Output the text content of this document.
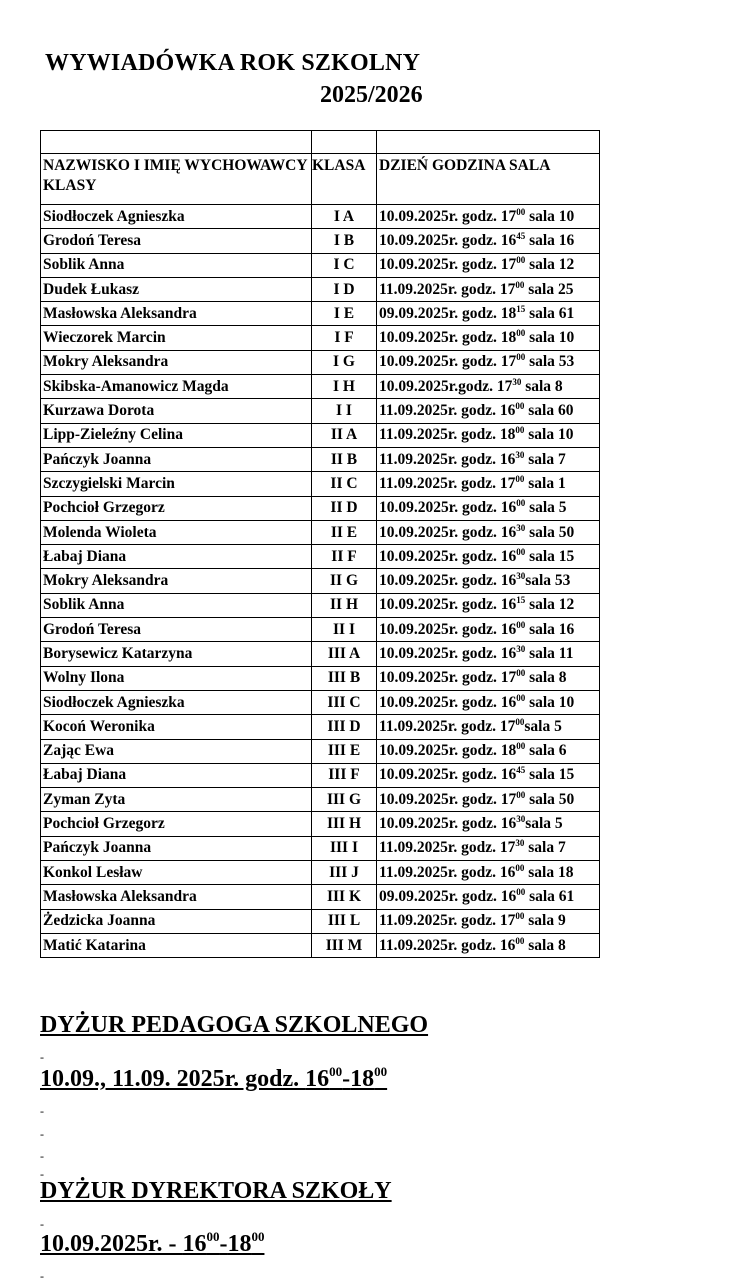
WYWIADÓWKA ROK SZKOLNY
2025/2026

NAZWISKO I IMIĘ WYCHOWAWCY KLASY	KLASA	DZIEŃ GODZINA SALA
Siodłoczek Agnieszka	I A	10.09.2025r. godz. $17^{00}$ sala 10
Grodoń Teresa	I B	10.09.2025r. godz. $16^{45}$ sala 16
Soblik Anna	I C	10.09.2025r. godz. $17^{00}$ sala 12
Dudek Łukasz	I D	11.09.2025r. godz. $17^{00}$ sala 25
Masłowska Aleksandra	I E	09.09.2025r. godz. $18^{15}$ sala 61
Wieczorek Marcin	I F	10.09.2025r. godz. $18^{00}$ sala 10
Mokry Aleksandra	I G	10.09.2025r. godz. $17^{00}$ sala 53
Skibska-Amanowicz Magda	I H	10.09.2025r.godz. $17^{30}$ sala 8
Kurzawa Dorota	I I	11.09.2025r. godz. $16^{00}$ sala 60
Lipp-Zieleźny Celina	II A	11.09.2025r. godz. $18^{00}$ sala 10
Pańczyk Joanna	II B	11.09.2025r. godz. $16^{30}$ sala 7
Szczygielski Marcin	II C	11.09.2025r. godz. $17^{00}$ sala 1
Pochcioł Grzegorz	II D	10.09.2025r. godz. $16^{00}$ sala 5
Molenda Wioleta	II E	10.09.2025r. godz. $16^{30}$ sala 50
Łabaj Diana	II F	10.09.2025r. godz. $16^{00}$ sala 15
Mokry Aleksandra	II G	10.09.2025r. godz. $16^{30}sala$ 53
Soblik Anna	II H	10.09.2025r. godz. $16^{15}$ sala 12
Grodoń Teresa	II I	10.09.2025r. godz. $16^{00}$ sala 16
Borysewicz Katarzyna	III A	10.09.2025r. godz. $16^{30}$ sala 11
Wolny Ilona	III B	10.09.2025r. godz. $17^{00}$ sala 8
Siodłoczek Agnieszka	III C	10.09.2025r. godz. $16^{00}$ sala 10
Kocoń Weronika	III D	11.09.2025r. godz. $17^{00}sala$ 5
Zając Ewa	III E	10.09.2025r. godz. $18^{00}$ sala 6
Łabaj Diana	III F	10.09.2025r. godz. $16^{45}$ sala 15
Zyman Zyta	III G	10.09.2025r. godz. $17^{00}$ sala 50
Pochcioł Grzegorz	III H	10.09.2025r. godz. $16^{30}sala$ 5
Pańczyk Joanna	III I	11.09.2025r. godz. $17^{30}$ sala 7
Konkol Lesław	III J	11.09.2025r. godz. $16^{00}$ sala 18
Masłowska Aleksandra	III K	09.09.2025r. godz. $16^{00}$ sala 61
Żedzicka Joanna	III L	11.09.2025r. godz. $17^{00}$ sala 9
Matić Katarina	III M	11.09.2025r. godz. $16^{00}$ sala 8
-
DYŻUR PEDAGOGA SZKOLNEGO
10.09., 11.09. 2025r. godz. $16^{00}-18^{00}$
-
-
-
-
DYŻUR DYREKTORA SZKOŁY
-
10.09.2025r. - $16^{00}-18^{00}$
-
